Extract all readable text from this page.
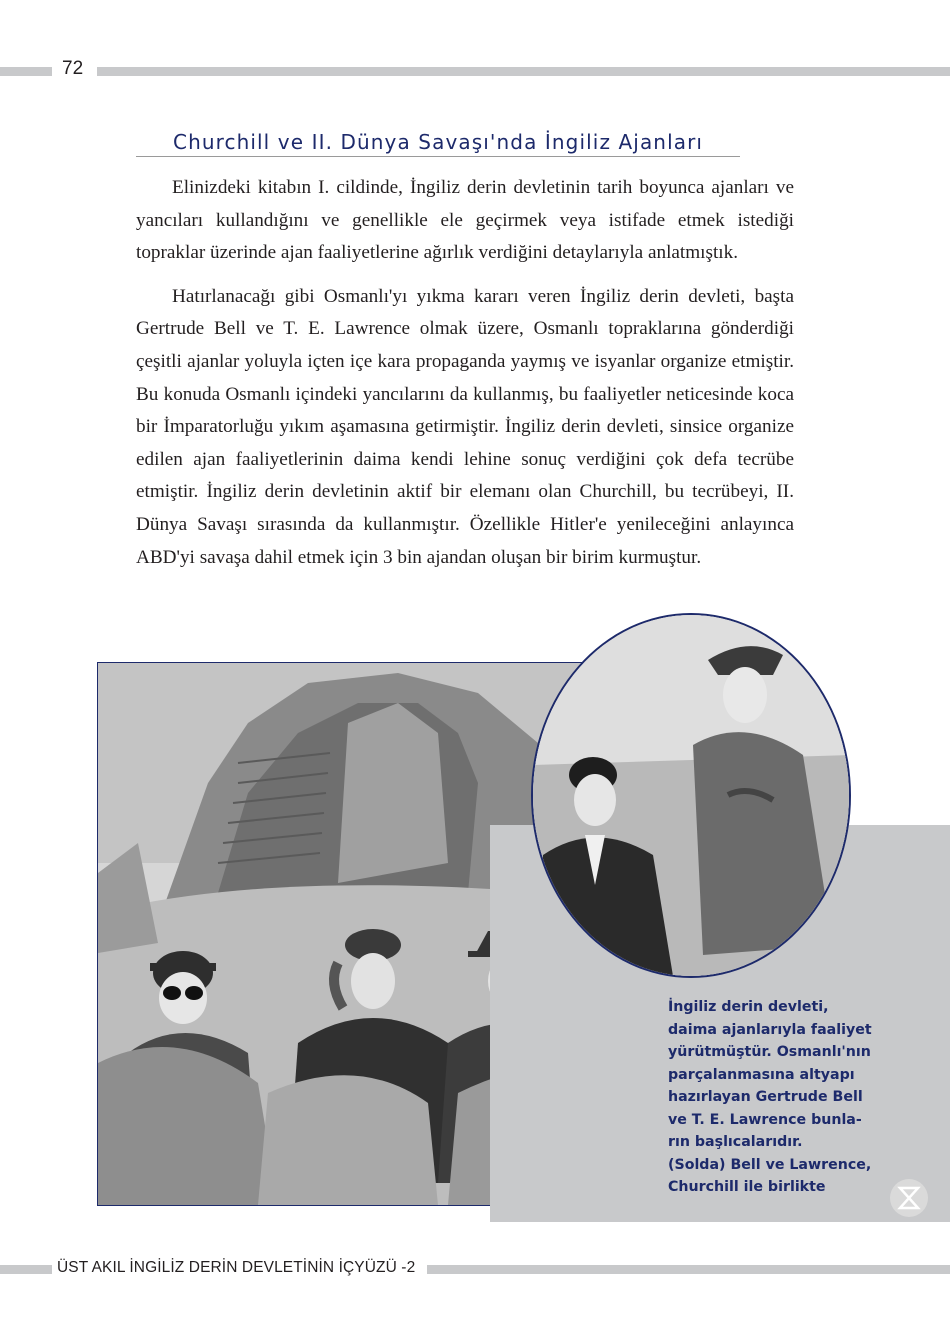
72
Churchill ve II. Dünya Savaşı'nda İngiliz Ajanları

Elinizdeki kitabın I. cildinde, İngiliz derin devletinin tarih boyunca ajanları ve yancıları kullandığını ve genellikle ele geçirmek veya istifade etmek istediği topraklar üzerinde ajan faaliyetlerine ağırlık verdiğini detaylarıyla anlatmıştık.

Hatırlanacağı gibi Osmanlı'yı yıkma kararı veren İngiliz derin devleti, başta Gertrude Bell ve T. E. Lawrence olmak üzere, Osmanlı topraklarına gönderdiği çeşitli ajanlar yoluyla içten içe kara propaganda yaymış ve isyanlar organize etmiştir. Bu konuda Osmanlı içindeki yancılarını da kullanmış, bu faaliyetler neticesinde koca bir İmparatorluğu yıkım aşamasına getirmiştir. İngiliz derin devleti, sinsice organize edilen ajan faaliyetlerinin daima kendi lehine sonuç verdiğini çok defa tecrübe etmiştir. İngiliz derin devletinin aktif bir elemanı olan Churchill, bu tecrübeyi, II. Dünya Savaşı sırasında da kullanmıştır. Özellikle Hitler'e yenileceğini anlayınca ABD'yi savaşa dahil etmek için 3 bin ajandan oluşan bir birim kurmuştur.

İngiliz derin devleti,
daima ajanlarıyla faaliyet
yürütmüştür. Osmanlı'nın
parçalanmasına altyapı
hazırlayan Gertrude Bell
ve T. E. Lawrence bunla-
rın başlıcalarıdır.
(Solda) Bell ve Lawrence,
Churchill ile birlikte
ÜST AKIL İNGİLİZ DERİN DEVLETİNİN İÇYÜZÜ -2
